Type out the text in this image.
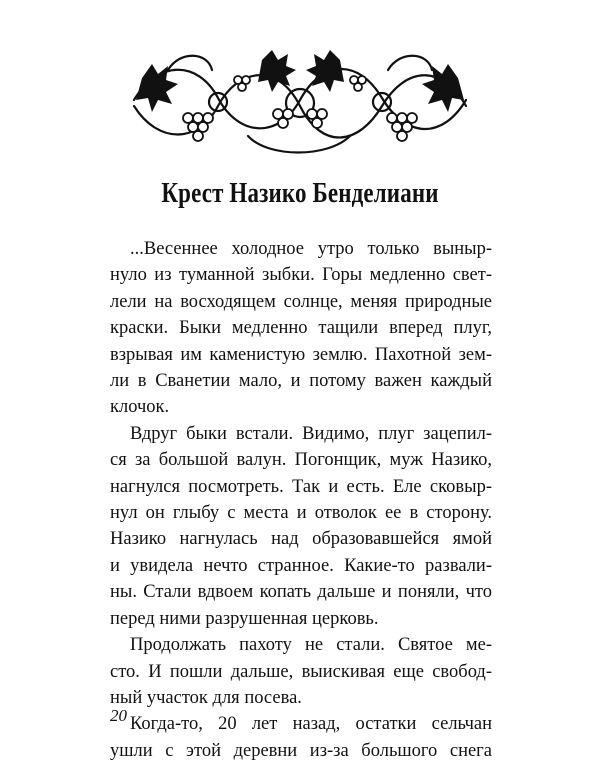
Крест Назико Бенделиани
...Весеннее холодное утро только выныр-
нуло из туманной зыбки. Горы медленно свет-
лели на восходящем солнце, меняя природные
краски. Быки медленно тащили вперед плуг,
взрывая им каменистую землю. Пахотной зем-
ли в Сванетии мало, и потому важен каждый
клочок.
Вдруг быки встали. Видимо, плуг зацепил-
ся за большой валун. Погонщик, муж Назико,
нагнулся посмотреть. Так и есть. Еле сковыр-
нул он глыбу с места и отволок ее в сторону.
Назико нагнулась над образовавшейся ямой
и увидела нечто странное. Какие-то развали-
ны. Стали вдвоем копать дальше и поняли, что
перед ними разрушенная церковь.
Продолжать пахоту не стали. Святое ме-
сто. И пошли дальше, выискивая еще свобод-
ный участок для посева.
Когда-то, 20 лет назад, остатки сельчан
ушли с этой деревни из-за большого снега
20
